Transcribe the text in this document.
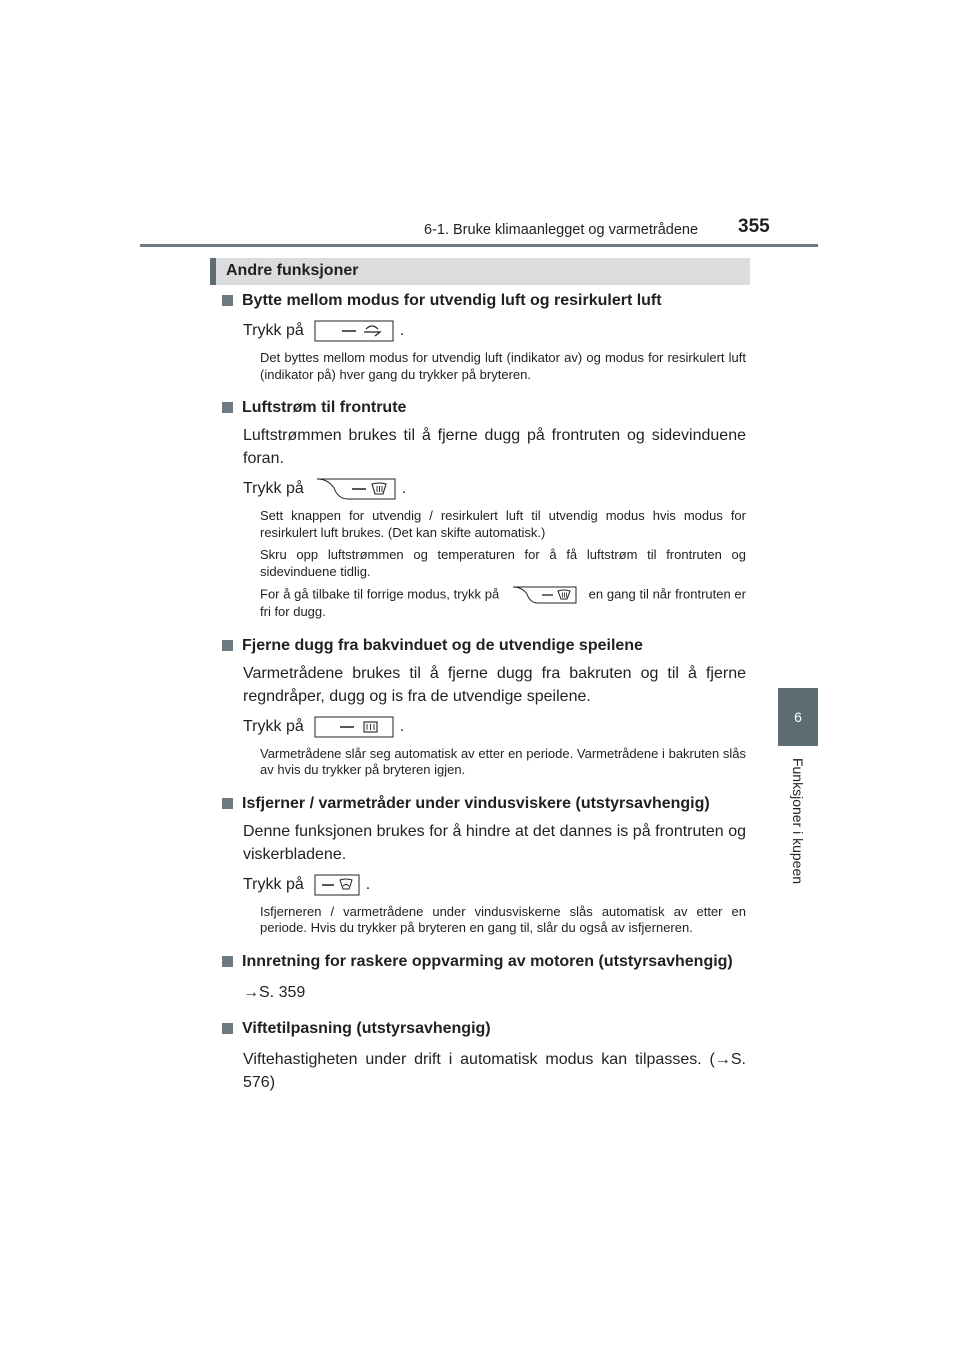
6-1. Bruke klimaanlegget og varmetrådene 355
6
Funksjoner i kupeen
Andre funksjoner
Bytte mellom modus for utvendig luft og resirkulert luft
Trykk på	.
Det byttes mellom modus for utvendig luft (indikator av) og modus for resirkulert luft (indikator på) hver gang du trykker på bryteren.
Luftstrøm til frontrute
Luftstrømmen brukes til å fjerne dugg på frontruten og sidevinduene foran.
Trykk på	.
Sett knappen for utvendig / resirkulert luft til utvendig modus hvis modus for resirkulert luft brukes. (Det kan skifte automatisk.)
Skru opp luftstrømmen og temperaturen for å få luftstrøm til frontruten og sidevinduene tidlig.
For å gå tilbake til forrige modus, trykk på	en gang til når frontruten er fri for dugg.
Fjerne dugg fra bakvinduet og de utvendige speilene
Varmetrådene brukes til å fjerne dugg fra bakruten og til å fjerne regndråper, dugg og is fra de utvendige speilene.
Trykk på	.
Varmetrådene slår seg automatisk av etter en periode. Varmetrådene i bakruten slås av hvis du trykker på bryteren igjen.
Isfjerner / varmetråder under vindusviskere (utstyrsavhengig)
Denne funksjonen brukes for å hindre at det dannes is på frontruten og viskerbladene.
Trykk på	.
Isfjerneren / varmetrådene under vindusviskerne slås automatisk av etter en periode. Hvis du trykker på bryteren en gang til, slår du også av isfjerneren.
Innretning for raskere oppvarming av motoren (utstyrsavhengig)
→S. 359
Viftetilpasning (utstyrsavhengig)
Viftehastigheten under drift i automatisk modus kan tilpasses. (→S. 576)
